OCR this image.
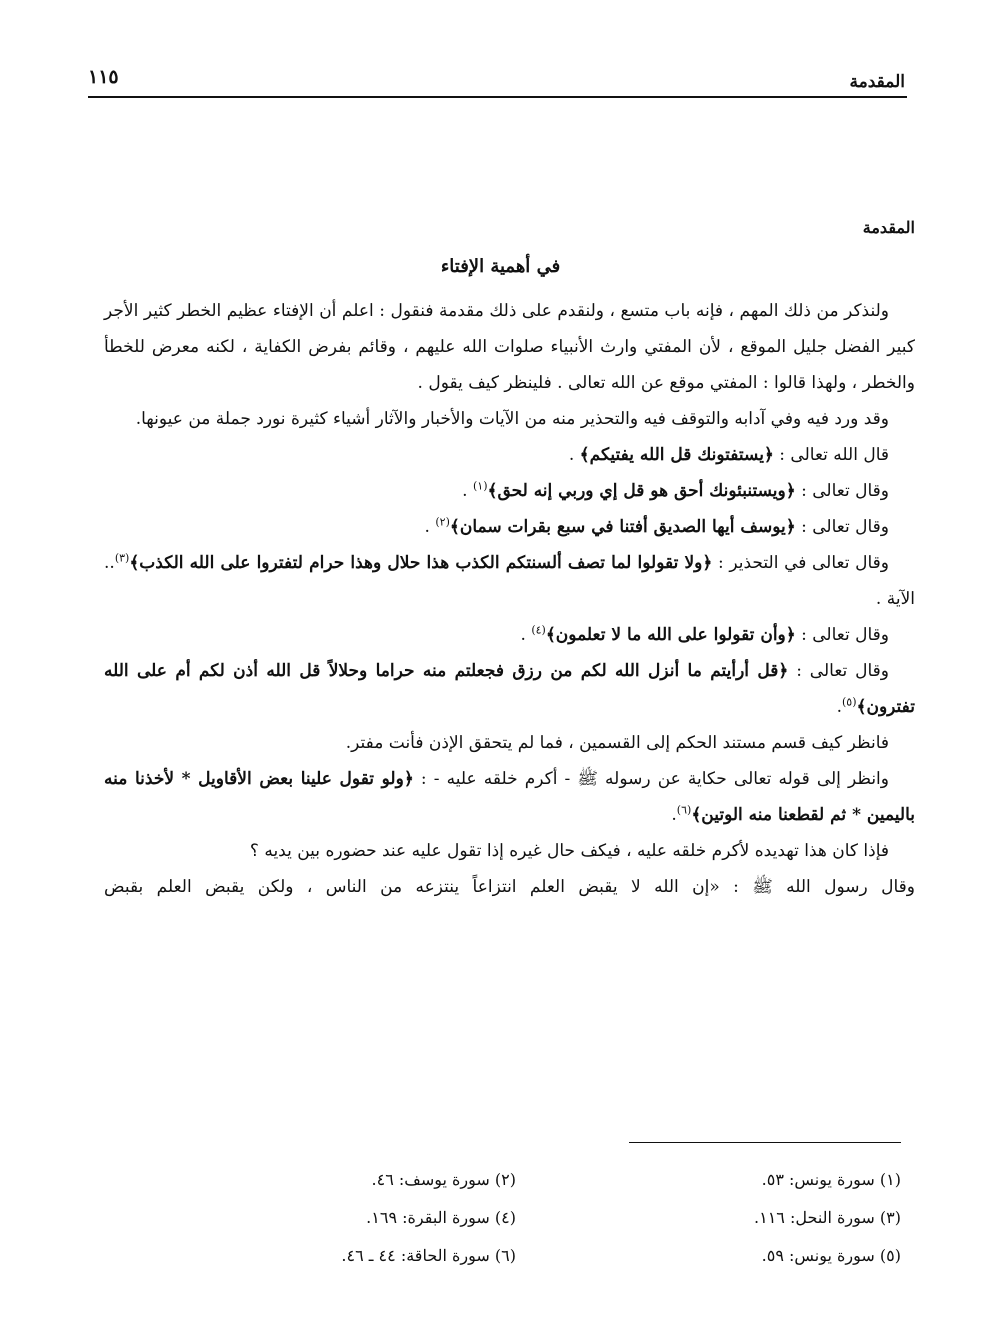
المقدمة
١١٥
المقدمة
في أهمية الإفتاء

ولنذكر من ذلك المهم ، فإنه باب متسع ، ولنقدم على ذلك مقدمة فنقول : اعلم أن الإفتاء عظيم الخطر كثير الأجر كبير الفضل جليل الموقع ، لأن المفتي وارث الأنبياء صلوات الله عليهم ، وقائم بفرض الكفاية ، لكنه معرض للخطأ والخطر ، ولهذا قالوا : المفتي موقع عن الله تعالى . فلينظر كيف يقول .

وقد ورد فيه وفي آدابه والتوقف فيه والتحذير منه من الآيات والأخبار والآثار أشياء كثيرة نورد جملة من عيونها.

قال الله تعالى : ﴿يستفتونك قل الله يفتيكم﴾ .

وقال تعالى : ﴿ويستنبئونك أحق هو قل إي وربي إنه لحق﴾$^{(١)}$ .

وقال تعالى : ﴿يوسف أيها الصديق أفتنا في سبع بقرات سمان﴾$^{(٢)}$ .

وقال تعالى في التحذير : ﴿ولا تقولوا لما تصف ألسنتكم الكذب هذا حلال وهذا حرام لتفتروا على الله الكذب﴾$^{(٣)}$.. الآية .

وقال تعالى : ﴿وأن تقولوا على الله ما لا تعلمون﴾$^{(٤)}$ .

وقال تعالى : ﴿قل أرأيتم ما أنزل الله لكم من رزق فجعلتم منه حراما وحلالاً قل الله أذن لكم أم على الله تفترون﴾$^{(٥)}$.

فانظر كيف قسم مستند الحكم إلى القسمين ، فما لم يتحقق الإذن فأنت مفتر.

وانظر إلى قوله تعالى حكاية عن رسوله ﷺ - أكرم خلقه عليه - : ﴿ولو تقول علينا بعض الأقاويل * لأخذنا منه باليمين * ثم لقطعنا منه الوتين﴾$^{(٦)}$.

فإذا كان هذا تهديده لأكرم خلقه عليه ، فيكف حال غيره إذا تقول عليه عند حضوره بين يديه ؟

وقال رسول الله ﷺ : «إن الله لا يقبض العلم انتزاعاً ينتزعه من الناس ، ولكن يقبض العلم بقبض

(١) سورة يونس: ٥٣.
(٣) سورة النحل: ١١٦.
(٥) سورة يونس: ٥٩.
(٢) سورة يوسف: ٤٦.
(٤) سورة البقرة: ١٦٩.
(٦) سورة الحاقة: ٤٤ ـ ٤٦.
